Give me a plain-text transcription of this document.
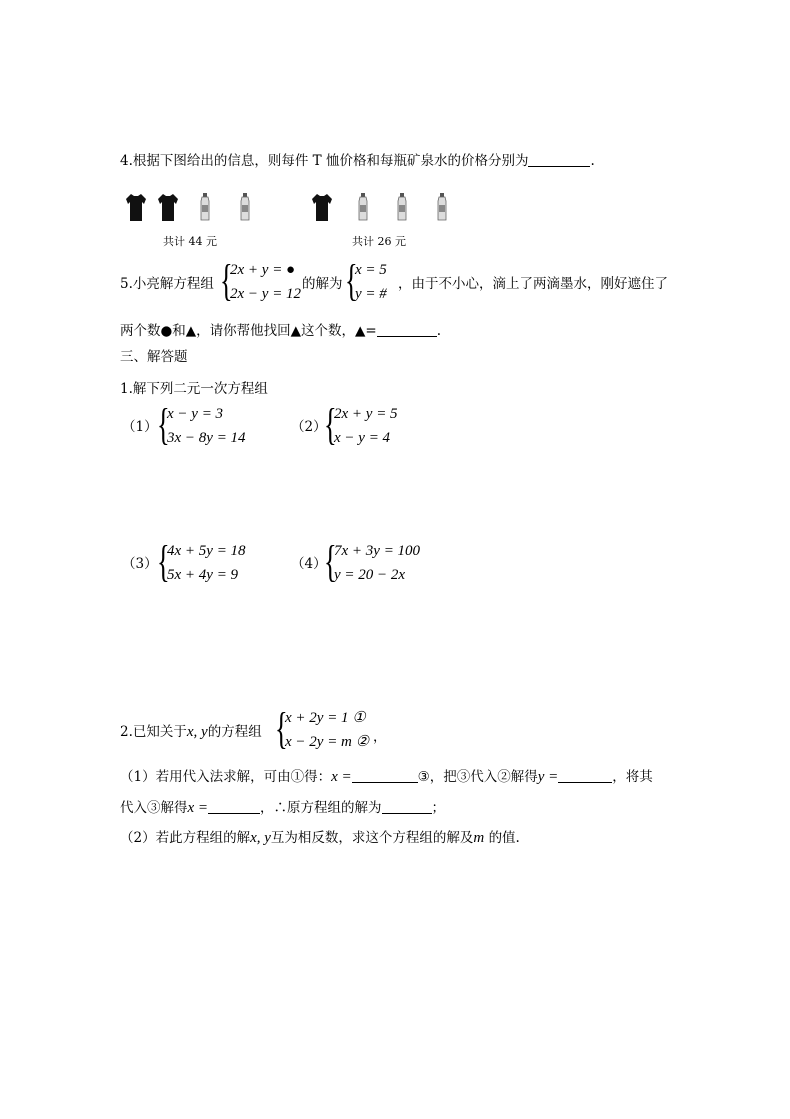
4.根据下图给出的信息，则每件 T 恤价格和每瓶矿泉水的价格分别为	.
共计 44 元	共计 26 元
5.小亮解方程组 {
2x + y = ●
2x − y = 12
的解为 {
x = 5
y = #
，由于不小心，滴上了两滴墨水，刚好遮住了
两个数●和▲，请你帮他找回▲这个数，▲=	.
三、解答题
1.解下列二元一次方程组
（1） {
x − y = 3
3x − 8y = 14
（2）
{
2x + y = 5
x − y = 4
（3） {
4x + 5y = 18
5x + 4y = 9
（4）
{
7x + 3y = 100
y = 20 − 2x
2.已知关于x, y的方程组 {
x + 2y = 1 ①
x − 2y = m ② ，
（1）若用代入法求解，可由①得：x =	③，把③代入②解得y =	，将其
代入③解得x =	，∴原方程组的解为	；
（2）若此方程组的解x, y互为相反数，求这个方程组的解及m 的值.
